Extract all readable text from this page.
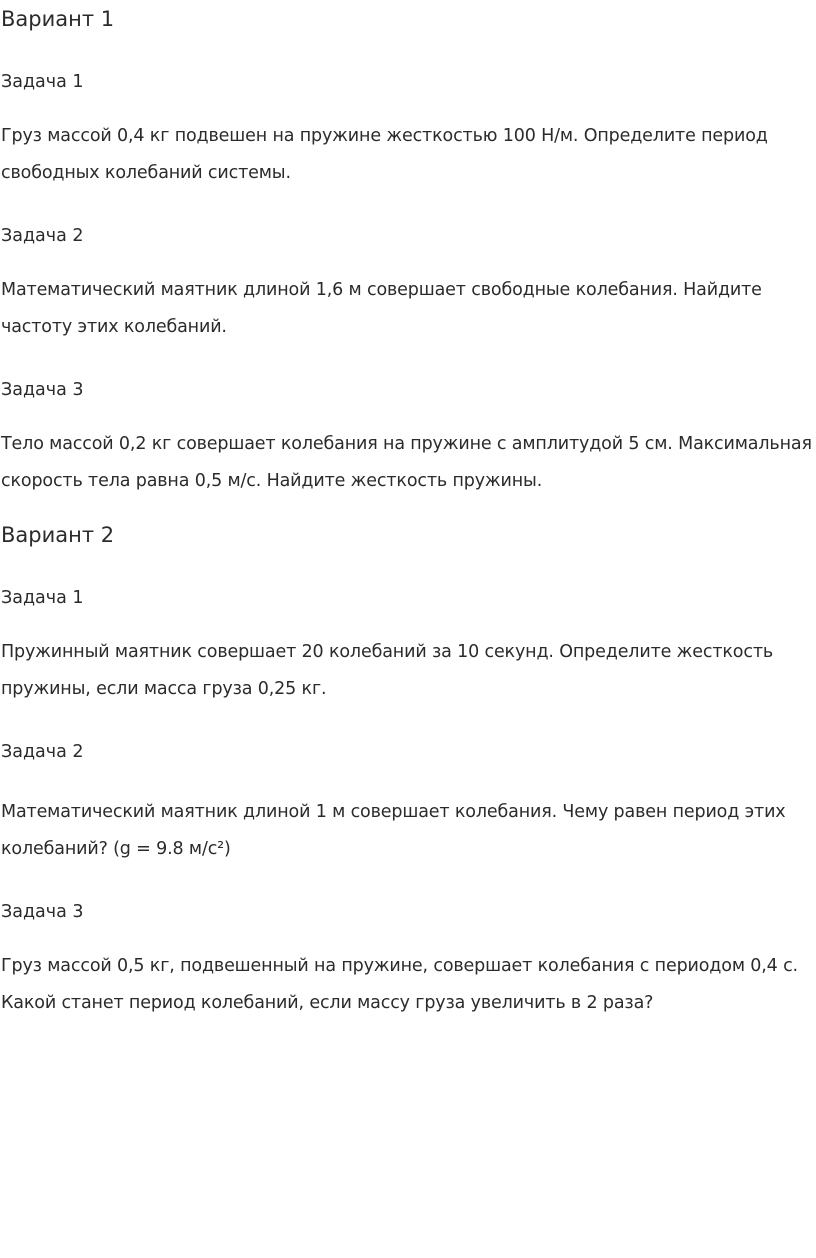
Вариант 1
Задача 1

Груз массой 0,4 кг подвешен на пружине жесткостью 100 Н/м. Определите период свободных колебаний системы.

Задача 2

Математический маятник длиной 1,6 м совершает свободные колебания. Найдите частоту этих колебаний.

Задача 3

Тело массой 0,2 кг совершает колебания на пружине с амплитудой 5 см. Максимальная скорость тела равна 0,5 м/с. Найдите жесткость пружины.

Вариант 2
Задача 1

Пружинный маятник совершает 20 колебаний за 10 секунд. Определите жесткость пружины, если масса груза 0,25 кг.

Задача 2

Математический маятник длиной 1 м совершает колебания. Чему равен период этих колебаний? (g = 9.8 м/с²)

Задача 3

Груз массой 0,5 кг, подвешенный на пружине, совершает колебания с периодом 0,4 с. Какой станет период колебаний, если массу груза увеличить в 2 раза?
